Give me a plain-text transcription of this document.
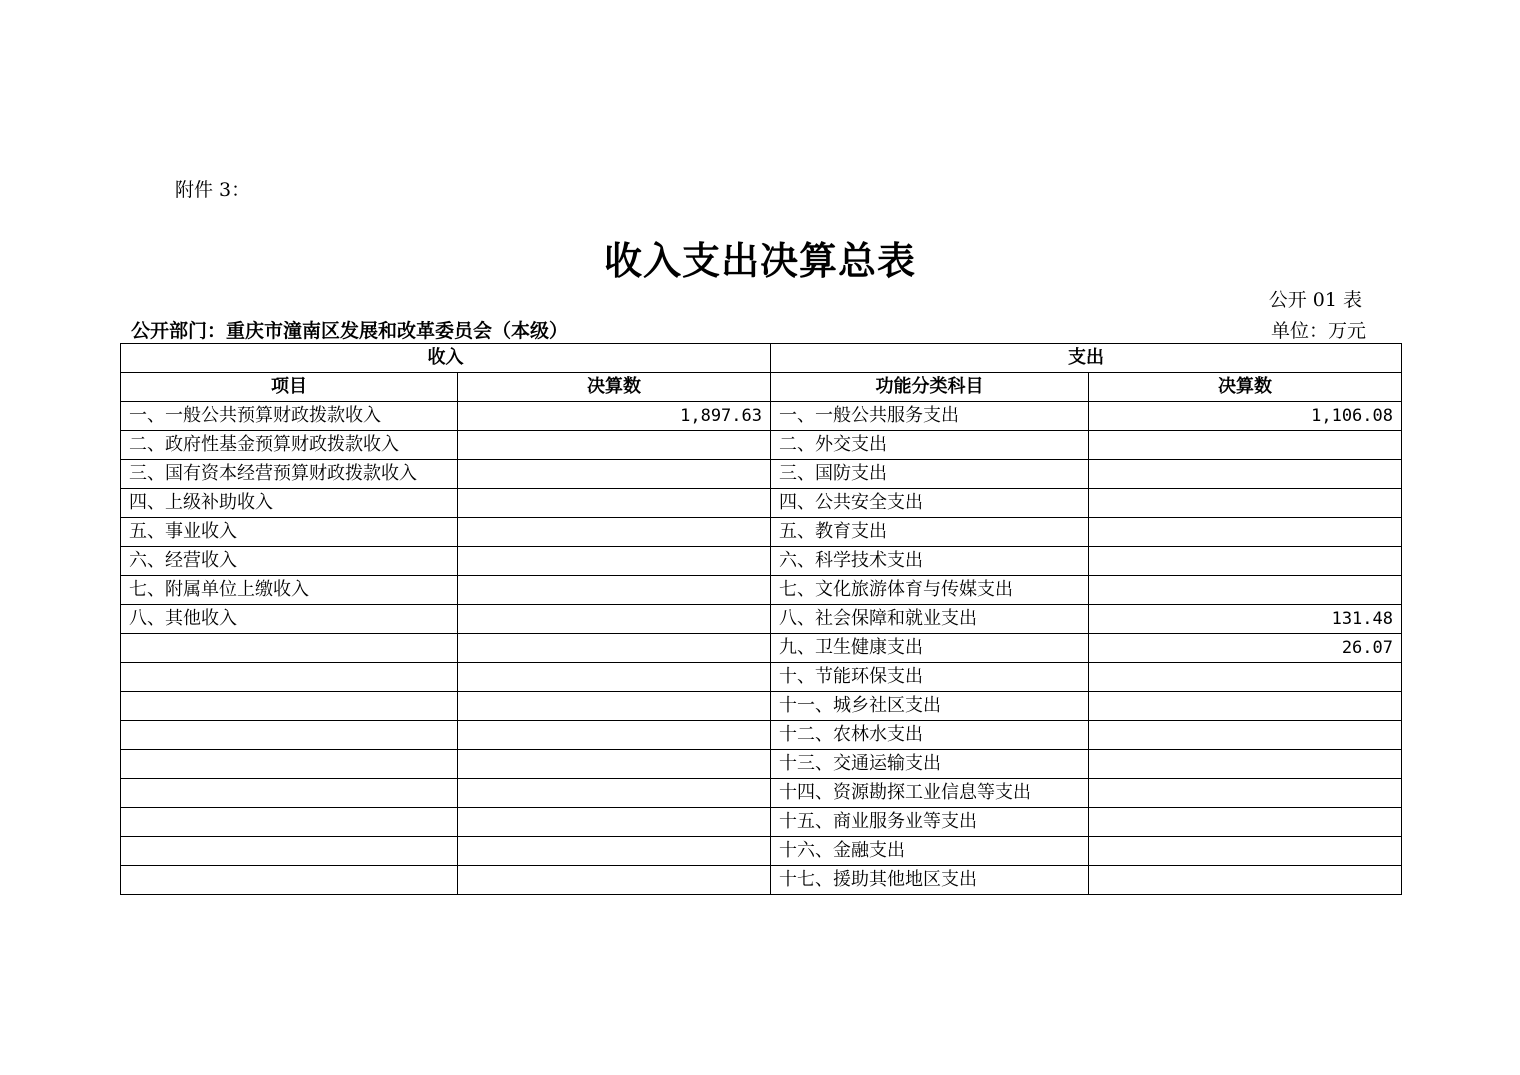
附件 3：
收入支出决算总表
公开 01 表
公开部门：重庆市潼南区发展和改革委员会（本级）	单位：万元
收入		支出	
项目	决算数	功能分类科目	决算数
一、一般公共预算财政拨款收入	1,897.63	一、一般公共服务支出	1,106.08
二、政府性基金预算财政拨款收入		二、外交支出	
三、国有资本经营预算财政拨款收入		三、国防支出	
四、上级补助收入		四、公共安全支出	
五、事业收入		五、教育支出	
六、经营收入		六、科学技术支出	
七、附属单位上缴收入		七、文化旅游体育与传媒支出	
八、其他收入		八、社会保障和就业支出	131.48
		九、卫生健康支出	26.07
		十、节能环保支出	
		十一、城乡社区支出	
		十二、农林水支出	
		十三、交通运输支出	
		十四、资源勘探工业信息等支出	
		十五、商业服务业等支出	
		十六、金融支出	
		十七、援助其他地区支出	
